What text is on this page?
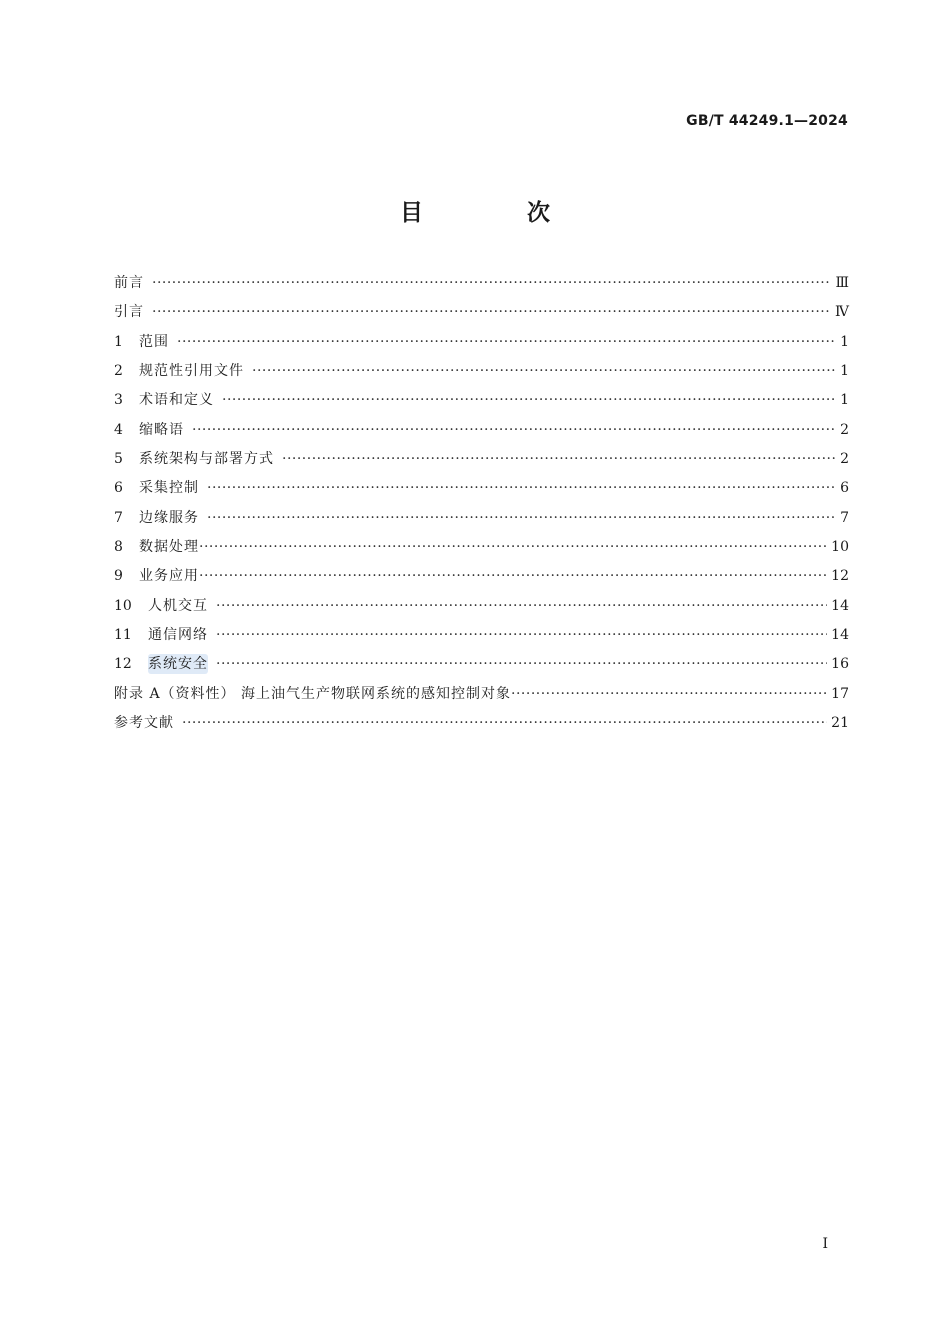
GB/T 44249.1—2024
目 次
前言 ·····	Ⅲ
引言 ·····	Ⅳ
1	范围 ·····	1
2	规范性引用文件 ·····	1
3	术语和定义 ·····	1
4	缩略语 ·····	2
5	系统架构与部署方式 ·····	2
6	采集控制 ·····	6
7	边缘服务 ·····	7
8	数据处理 ·····	10
9	业务应用 ·····	12
10	人机交互 ·····	14
11	通信网络 ·····	14
12	系统安全 ·····	16
附录 A（资料性） 海上油气生产物联网系统的感知控制对象 ·····	17
参考文献 ·····	21
I
